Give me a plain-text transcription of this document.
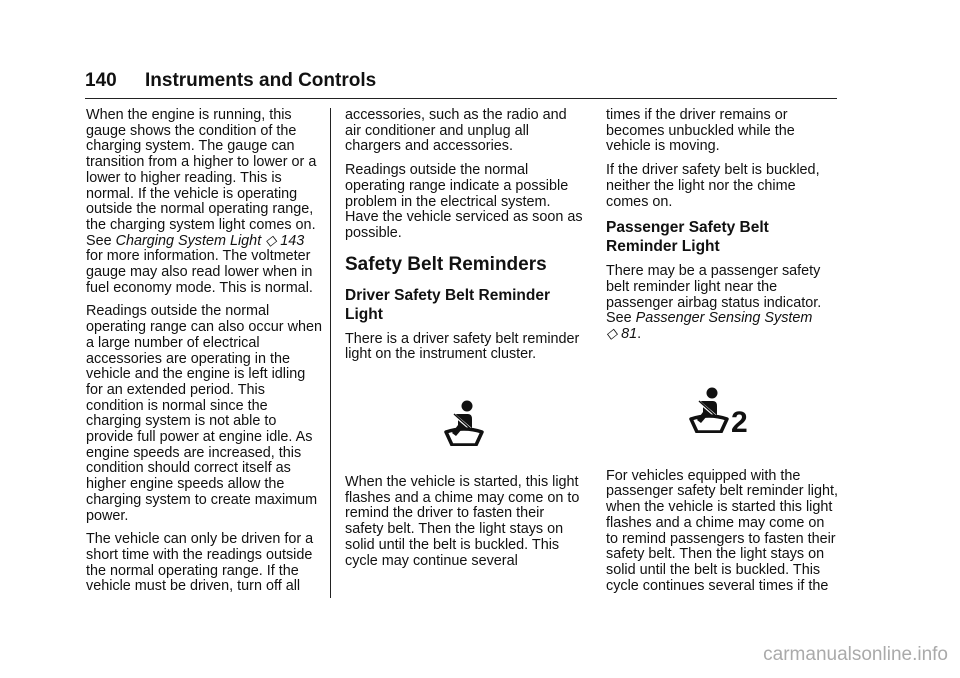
140 Instruments and Controls

When the engine is running, this gauge shows the condition of the charging system. The gauge can transition from a higher to lower or a lower to higher reading. This is normal. If the vehicle is operating outside the normal operating range, the charging system light comes on. See Charging System Light ◇ 143 for more information. The voltmeter gauge may also read lower when in fuel economy mode. This is normal.

Readings outside the normal operating range can also occur when a large number of electrical accessories are operating in the vehicle and the engine is left idling for an extended period. This condition is normal since the charging system is not able to provide full power at engine idle. As engine speeds are increased, this condition should correct itself as higher engine speeds allow the charging system to create maximum power.

The vehicle can only be driven for a short time with the readings outside the normal operating range. If the vehicle must be driven, turn off all

accessories, such as the radio and air conditioner and unplug all chargers and accessories.

Readings outside the normal operating range indicate a possible problem in the electrical system. Have the vehicle serviced as soon as possible.

Safety Belt Reminders
Driver Safety Belt Reminder Light

There is a driver safety belt reminder light on the instrument cluster.

When the vehicle is started, this light flashes and a chime may come on to remind the driver to fasten their safety belt. Then the light stays on solid until the belt is buckled. This cycle may continue several

times if the driver remains or becomes unbuckled while the vehicle is moving.

If the driver safety belt is buckled, neither the light nor the chime comes on.

Passenger Safety Belt Reminder Light

There may be a passenger safety belt reminder light near the passenger airbag status indicator. See Passenger Sensing System
◇ 81.

2

For vehicles equipped with the passenger safety belt reminder light, when the vehicle is started this light flashes and a chime may come on to remind passengers to fasten their safety belt. Then the light stays on solid until the belt is buckled. This cycle continues several times if the

carmanualsonline.info
